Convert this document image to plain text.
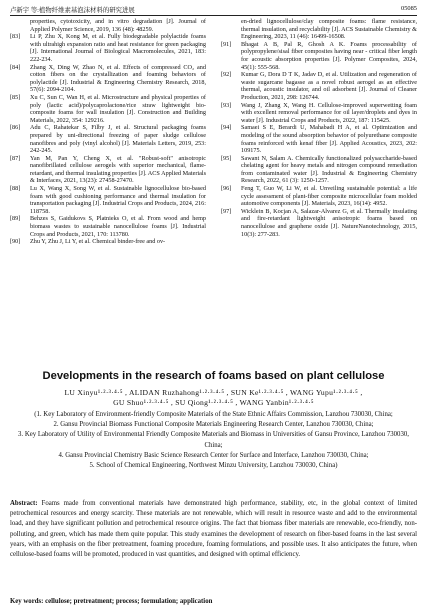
卢新宇 等:植物纤维素基泡沫材料的研究进展	05085
properties, cytotoxicity, and in vitro degradation [J]. Journal of Applied Polymer Science, 2019, 136 (48): 48259.
[83] Li P, Zhu X, Kong M, et al. Fully biodegradable polylactide foams with ultrahigh expansion ratio and heat resistance for green packaging [J]. International Journal of Biological Macromolecules, 2021, 183: 222-234.
[84] Zhang X, Ding W, Zhao N, et al. Effects of compressed CO₂ and cotton fibers on the crystallization and foaming behaviors of polylactide [J]. Industrial & Engineering Chemistry Research, 2018, 57(6): 2094-2104.
[85] Xu C, Sun C, Wan H, et al. Microstructure and physical properties of poly (lactic acid)/polycaprolactone/rice straw lightweight bio-composite foams for wall insulation [J]. Construction and Building Materials, 2022, 354: 129216.
[86] Adu C, Rahatekar S, Filby J, et al. Structural packaging foams prepared by uni-directional freezing of paper sludge cellulose nanofibres and poly (vinyl alcohol) [J]. Materials Letters, 2019, 253: 242-245.
[87] Yan M, Pan Y, Cheng X, et al. "Robust-soft" anisotropic nanofibrillated cellulose aerogels with superior mechanical, flame-retardant, and thermal insulating properties [J]. ACS Applied Materials & Interfaces, 2021, 13(23): 27458-27470.
[88] Lu X, Wang X, Song W, et al. Sustainable lignocellulose bio-based foam with good cushioning performance and thermal insulation for transportation packaging [J]. Industrial Crops and Products, 2024, 216: 118758.
[89] Behzes S, Gaidukovs S, Platnieks O, et al. From wood and hemp biomass wastes to sustainable nanocellulose foams [J]. Industrial Crops and Products, 2021, 170: 113780.
[90] Zhu Y, Zhu J, Li Y, et al. Chemical binder-free and ov-
en-dried lignocellulose/clay composite foams: flame resistance, thermal insulation, and recyclability [J]. ACS Sustainable Chemistry & Engineering, 2023, 11 (46): 16499-16508.
[91] Bhagat A B, Pal R, Ghosh A K. Foams processability of polypropylene/sisal fiber composites having near - critical fiber length for acoustic absorption properties [J]. Polymer Composites, 2024, 45(1): 555-568.
[92] Kumar G, Dora D T K, Jadav D, et al. Utilization and regeneration of waste sugarcane bagasse as a novel robust aerogel as an effective thermal, acoustic insulator, and oil adsorbent [J]. Journal of Cleaner Production, 2021, 298: 126744.
[93] Wang J, Zhang X, Wang H. Cellulose-improved superwetting foam with excellent removal performance for oil layer/droplets and dyes in water [J]. Industrial Crops and Products, 2022, 187: 115425.
[94] Samaei S E, Berardi U, Mahabadi H A, et al. Optimization and modeling of the sound absorption behavior of polyurethane composite foams reinforced with kenaf fiber [J]. Applied Acoustics, 2023, 202: 109175.
[95] Sawant N, Salam A. Chemically functionalized polysaccharide-based chelating agent for heavy metals and nitrogen compound remediation from contaminated water [J]. Industrial & Engineering Chemistry Research, 2022, 61 (3): 1250-1257.
[96] Feng T, Guo W, Li W, et al. Unveiling sustainable potential: a life cycle assessment of plant-fiber composite microcellular foam molded automotive components [J]. Materials, 2023, 16(14): 4952.
[97] Wicklein B, Kocjan A, Salazar-Alvarez G, et al. Thermally insulating and fire-retardant lightweight anisotropic foams based on nanocellulose and graphene oxide [J]. NatureNanotechnology, 2015, 10(3): 277-283.
Developments in the research of foams based on plant cellulose
LU Xinyu¹·²·³·⁴·⁵ , ALIDAN Ruzhahong¹·²·³·⁴·⁵ , SUN Ke¹·²·³·⁴·⁵ , WANG Yupu¹·²·³·⁴·⁵ ,
GU Shuo¹·²·³·⁴·⁵ , SU Qiong¹·²·³·⁴·⁵ , WANG Yanbin¹·²·³·⁴·⁵
(1. Key Laboratory of Environment-friendly Composite Materials of the State Ethnic Affairs Commission, Lanzhou 730030, China;
2. Gansu Provincial Biomass Functional Composite Materials Engineering Research Center, Lanzhou 730030, China;
3. Key Laboratory of Utility of Environmental Friendly Composite Materials and Biomass in Universities of Gansu Province, Lanzhou 730030, China;
4. Gansu Provincial Chemistry Basic Science Research Center for Surface and Interface, Lanzhou 730030, China;
5. School of Chemical Engineering, Northwest Minzu University, Lanzhou 730030, China)
Abstract: Foams made from conventional materials have demonstrated high performance, stability, etc, in the global context of limited petrochemical resources and energy scarcity. These materials are not renewable, which will result in resource waste and add to the environmental load, and they have significant pollution and petrochemical resource origins. The fact that biomass fiber materials are renewable, eco-friendly, non-polluting, and green, which has made them quite popular. This study examines the development of research on fiber-based foams in the last several years, with an emphasis on the fiber pretreatment, foaming procedure, foaming formulations, and possible uses. It also anticipates the future, when cellulose-based foams will be promoted, produced in vast quantities, and designed with optimal efficiency.
Key words: cellulose; pretreatment; process; formulation; application
